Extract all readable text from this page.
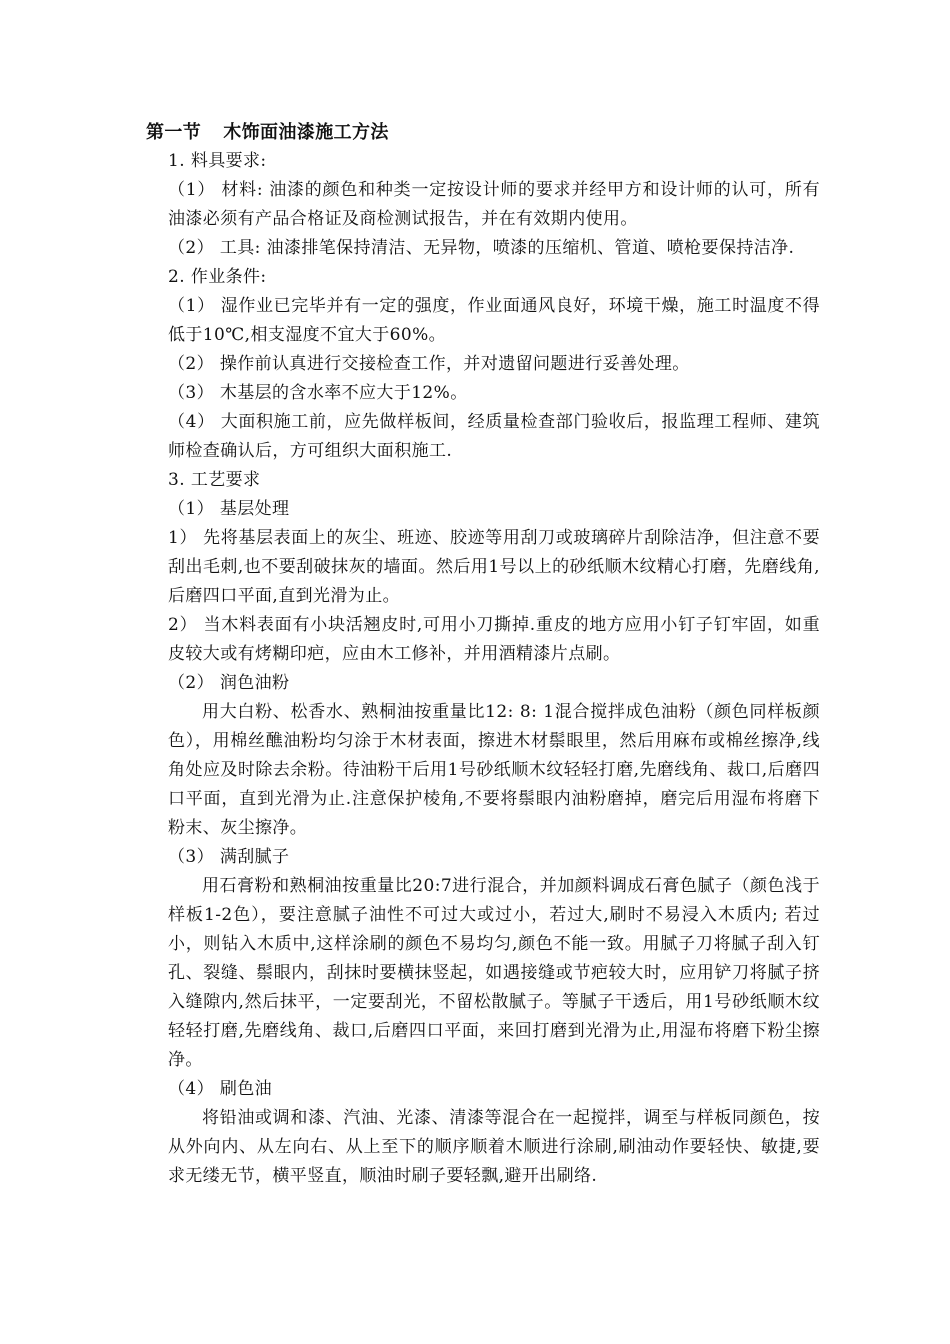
第一节 木饰面油漆施工方法

1. 料具要求:

（1） 材料: 油漆的颜色和种类一定按设计师的要求并经甲方和设计师的认可，所有油漆必须有产品合格证及商检测试报告，并在有效期内使用。

（2） 工具: 油漆排笔保持清洁、无异物，喷漆的压缩机、管道、喷枪要保持洁净.

2. 作业条件:

（1） 湿作业已完毕并有一定的强度，作业面通风良好，环境干燥，施工时温度不得低于10℃,相支湿度不宜大于60%。

（2） 操作前认真进行交接检查工作，并对遗留问题进行妥善处理。

（3） 木基层的含水率不应大于12%。

（4） 大面积施工前，应先做样板间，经质量检查部门验收后，报监理工程师、建筑师检查确认后，方可组织大面积施工.

3. 工艺要求

（1） 基层处理

1） 先将基层表面上的灰尘、班迹、胶迹等用刮刀或玻璃碎片刮除洁净，但注意不要刮出毛刺,也不要刮破抹灰的墙面。然后用1号以上的砂纸顺木纹精心打磨，先磨线角,后磨四口平面,直到光滑为止。

2） 当木料表面有小块活翘皮时,可用小刀撕掉.重皮的地方应用小钉子钉牢固，如重皮较大或有烤糊印疤，应由木工修补，并用酒精漆片点刷。

（2） 润色油粉

用大白粉、松香水、熟桐油按重量比12: 8: 1混合搅拌成色油粉（颜色同样板颜色），用棉丝醮油粉均匀涂于木材表面，擦进木材鬃眼里，然后用麻布或棉丝擦净,线角处应及时除去余粉。待油粉干后用1号砂纸顺木纹轻轻打磨,先磨线角、裁口,后磨四口平面，直到光滑为止.注意保护棱角,不要将鬃眼内油粉磨掉，磨完后用湿布将磨下粉末、灰尘擦净。

（3） 满刮腻子

用石膏粉和熟桐油按重量比20:7进行混合，并加颜料调成石膏色腻子（颜色浅于样板1-2色），要注意腻子油性不可过大或过小，若过大,刷时不易浸入木质内; 若过小，则钻入木质中,这样涂刷的颜色不易均匀,颜色不能一致。用腻子刀将腻子刮入钉孔、裂缝、鬃眼内，刮抹时要横抹竖起，如遇接缝或节疤较大时，应用铲刀将腻子挤入缝隙内,然后抹平，一定要刮光，不留松散腻子。等腻子干透后，用1号砂纸顺木纹轻轻打磨,先磨线角、裁口,后磨四口平面，来回打磨到光滑为止,用湿布将磨下粉尘擦净。

（4） 刷色油

将铅油或调和漆、汽油、光漆、清漆等混合在一起搅拌，调至与样板同颜色，按从外向内、从左向右、从上至下的顺序顺着木顺进行涂刷,刷油动作要轻快、敏捷,要求无缕无节，横平竖直，顺油时刷子要轻飘,避开出刷络.
